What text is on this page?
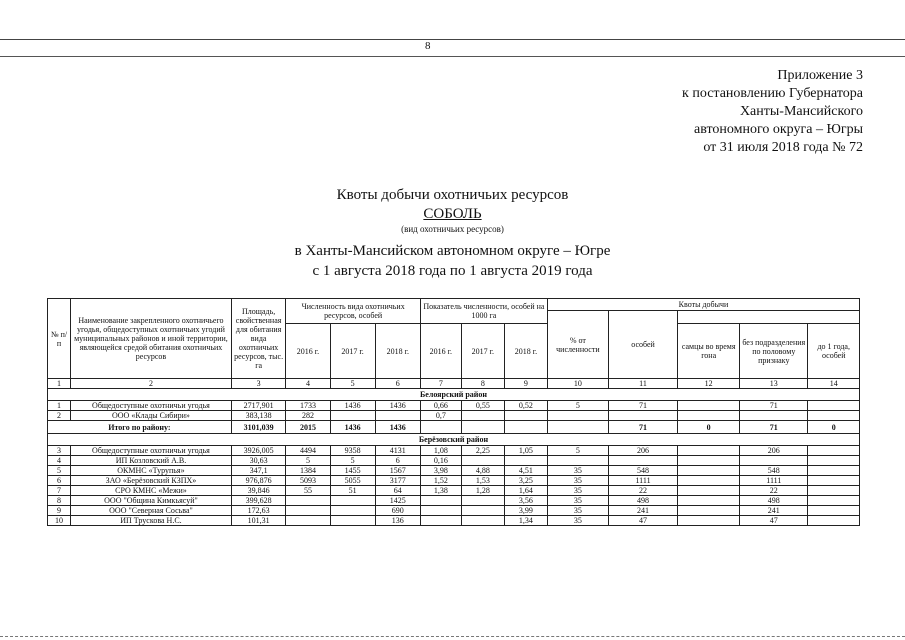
8
Приложение 3
к постановлению Губернатора
Ханты-Мансийского
автономного округа – Югры
от 31 июля 2018 года № 72
Квоты добычи охотничьих ресурсов
СОБОЛЬ
(вид охотничьих ресурсов)
в Ханты-Мансийском автономном округе – Югре
с 1 августа 2018 года по 1 августа 2019 года
№ п/п	Наименование закрепленного охотничьего угодья, общедоступных охотничьих угодий муниципальных районов и иной территории, являющейся средой обитания охотничьих ресурсов	Площадь, свойственная для обитания вида охотничьих ресурсов, тыс. га	Численность вида охотничьих ресурсов, особей			Показатель численности, особей на 1000 га			Квоты добычи				
									% от численности	особей			
			2016 г.	2017 г.	2018 г.	2016 г.	2017 г.	2018 г.			самцы во время гона	без подразделения по половому признаку	до 1 года, особей
1	2	3	4	5	6	7	8	9	10	11	12	13	14
Белоярский район													
1	Общедоступные охотничьи угодья	2717,901	1733	1436	1436	0,66	0,55	0,52	5	71		71	
2	ООО «Клады Сибири»	383,138	282			0,7							
Итого по району:		3101,039	2015	1436	1436					71	0	71	0
Берёзовский район													
3	Общедоступные охотничьи угодья	3926,005	4494	9358	4131	1,08	2,25	1,05	5	206		206	
4	ИП Козловский А.В.	30,63	5	5	6	0,16							
5	ОКМНС «Турупья»	347,1	1384	1455	1567	3,98	4,88	4,51	35	548		548	
6	ЗАО «Берёзовский КЗПХ»	976,876	5093	5055	3177	1,52	1,53	3,25	35	1111		1111	
7	СРО КМНС «Межи»	39,846	55	51	64	1,38	1,28	1,64	35	22		22	
8	ООО "Община Кимкьясуй"	399,628			1425			3,56	35	498		498	
9	ООО "Северная Сосьва"	172,63			690			3,99	35	241		241	
10	ИП Трускова Н.С.	101,31			136			1,34	35	47		47	
